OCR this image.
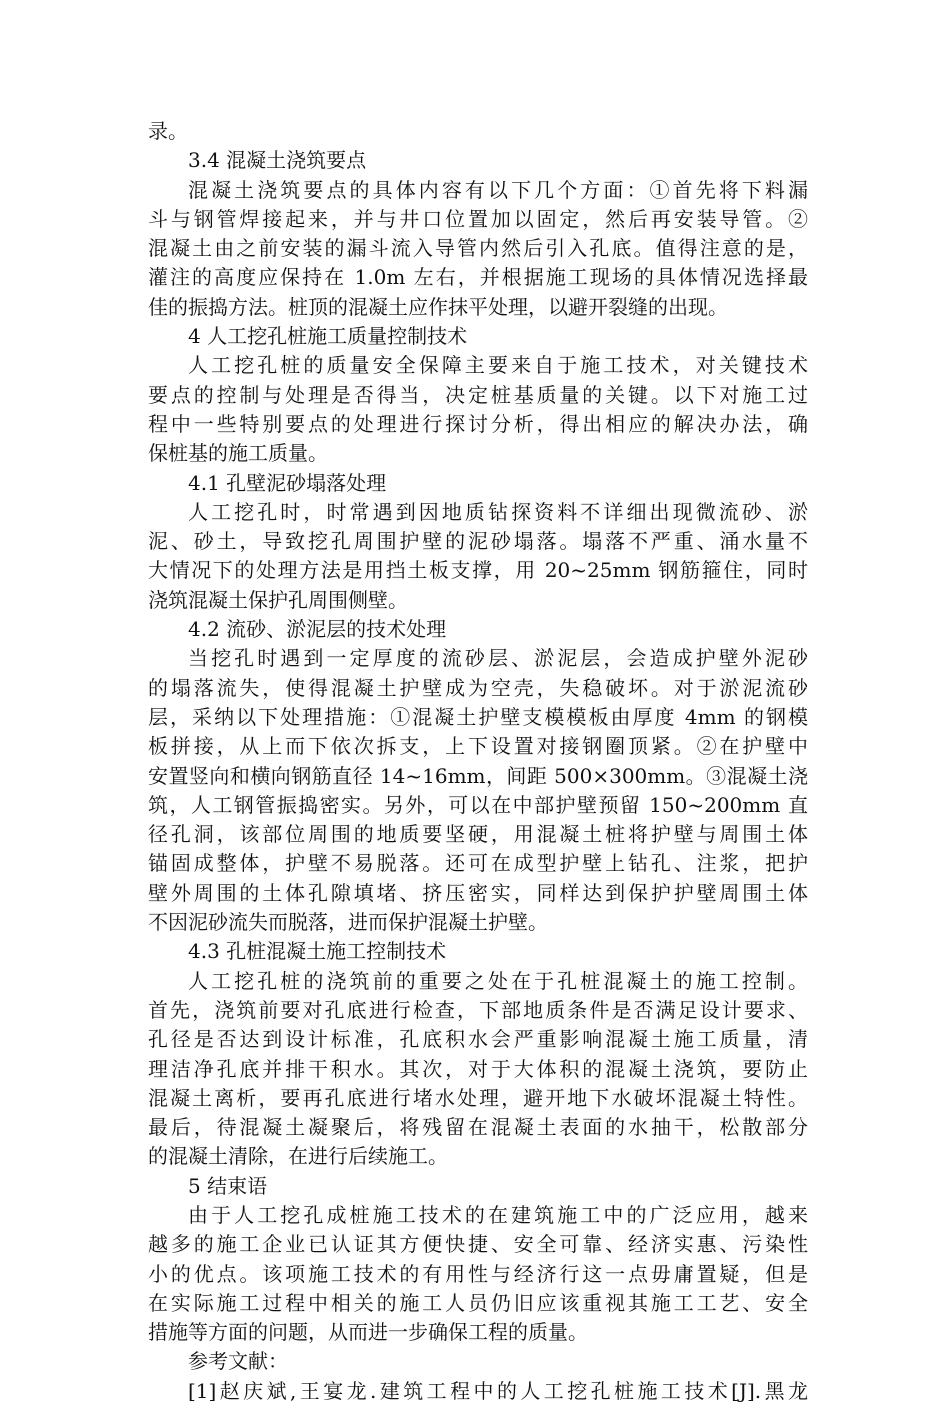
录。
3.4 混凝土浇筑要点
混凝土浇筑要点的具体内容有以下几个方面：①首先将下料漏
斗与钢管焊接起来，并与井口位置加以固定，然后再安装导管。②
混凝土由之前安装的漏斗流入导管内然后引入孔底。值得注意的是，
灌注的高度应保持在 1.0m 左右，并根据施工现场的具体情况选择最
佳的振捣方法。桩顶的混凝土应作抹平处理，以避开裂缝的出现。
4 人工挖孔桩施工质量控制技术
人工挖孔桩的质量安全保障主要来自于施工技术，对关键技术
要点的控制与处理是否得当，决定桩基质量的关键。以下对施工过
程中一些特别要点的处理进行探讨分析，得出相应的解决办法，确
保桩基的施工质量。
4.1 孔壁泥砂塌落处理
人工挖孔时，时常遇到因地质钻探资料不详细出现微流砂、淤
泥、砂土，导致挖孔周围护壁的泥砂塌落。塌落不严重、涌水量不
大情况下的处理方法是用挡土板支撑，用 20~25mm 钢筋箍住，同时
浇筑混凝土保护孔周围侧壁。
4.2 流砂、淤泥层的技术处理
当挖孔时遇到一定厚度的流砂层、淤泥层，会造成护壁外泥砂
的塌落流失，使得混凝土护壁成为空壳，失稳破坏。对于淤泥流砂
层，采纳以下处理措施：①混凝土护壁支模模板由厚度 4mm 的钢模
板拼接，从上而下依次拆支，上下设置对接钢圈顶紧。②在护壁中
安置竖向和横向钢筋直径 14~16mm，间距 500×300mm。③混凝土浇
筑，人工钢管振捣密实。另外，可以在中部护壁预留 150~200mm 直
径孔洞，该部位周围的地质要坚硬，用混凝土桩将护壁与周围土体
锚固成整体，护壁不易脱落。还可在成型护壁上钻孔、注浆，把护
壁外周围的土体孔隙填堵、挤压密实，同样达到保护护壁周围土体
不因泥砂流失而脱落，进而保护混凝土护壁。
4.3 孔桩混凝土施工控制技术
人工挖孔桩的浇筑前的重要之处在于孔桩混凝土的施工控制。
首先，浇筑前要对孔底进行检查，下部地质条件是否满足设计要求、
孔径是否达到设计标准，孔底积水会严重影响混凝土施工质量，清
理洁净孔底并排干积水。其次，对于大体积的混凝土浇筑，要防止
混凝土离析，要再孔底进行堵水处理，避开地下水破坏混凝土特性。
最后，待混凝土凝聚后，将残留在混凝土表面的水抽干，松散部分
的混凝土清除，在进行后续施工。
5 结束语
由于人工挖孔成桩施工技术的在建筑施工中的广泛应用，越来
越多的施工企业已认证其方便快捷、安全可靠、经济实惠、污染性
小的优点。该项施工技术的有用性与经济行这一点毋庸置疑，但是
在实际施工过程中相关的施工人员仍旧应该重视其施工工艺、安全
措施等方面的问题，从而进一步确保工程的质量。
参考文献：
[1]赵庆斌,王宴龙.建筑工程中的人工挖孔桩施工技术[J].黑龙
